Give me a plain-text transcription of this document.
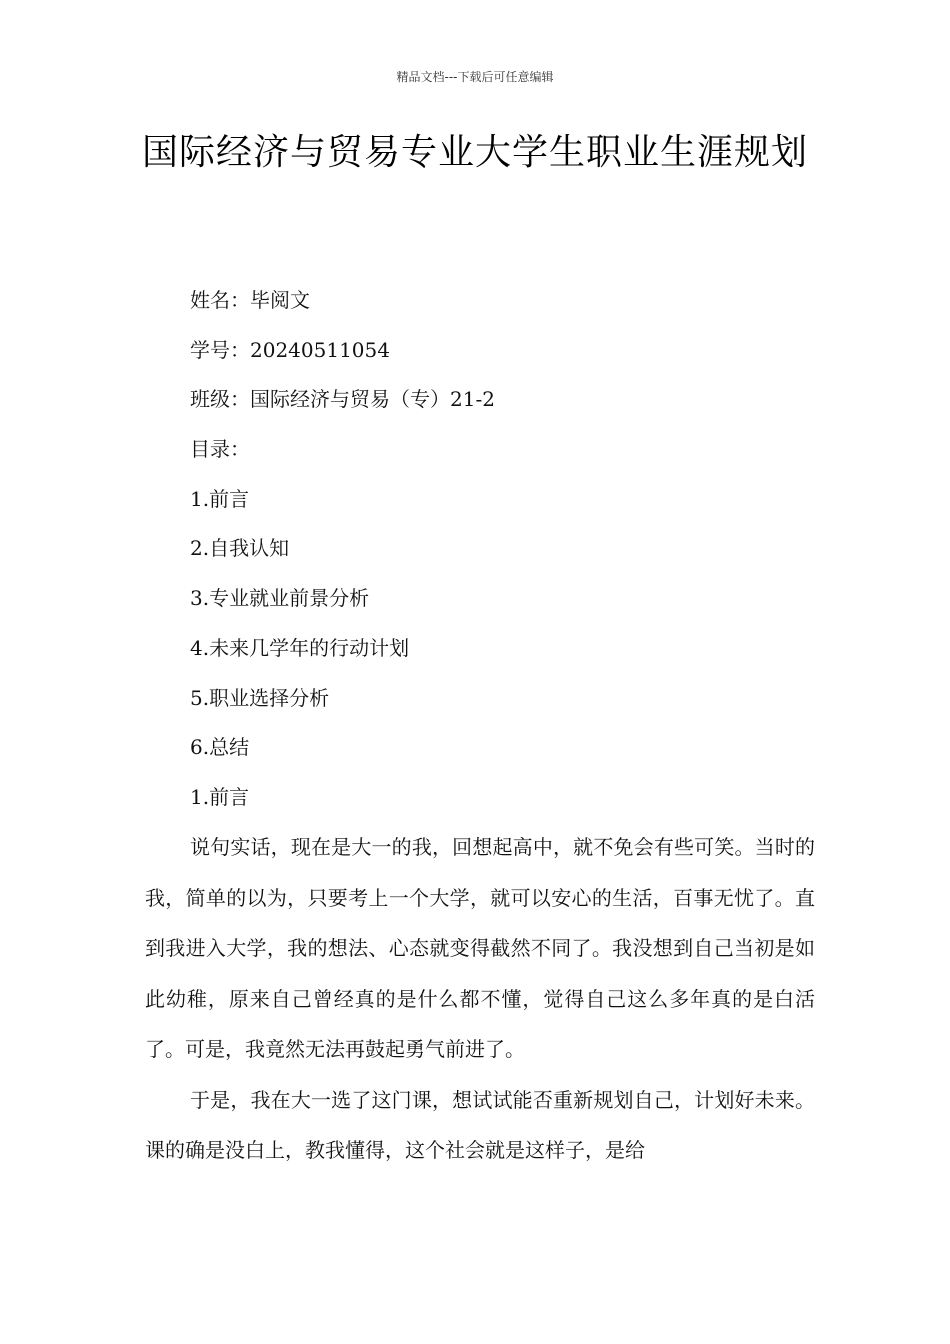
精品文档---下载后可任意编辑
国际经济与贸易专业大学生职业生涯规划
姓名：毕阅文
学号：20240511054
班级：国际经济与贸易（专）21-2
目录：
1.前言
2.自我认知
3.专业就业前景分析
4.未来几学年的行动计划
5.职业选择分析
6.总结
1.前言

说句实话，现在是大一的我，回想起高中，就不免会有些可笑。当时的我，简单的以为，只要考上一个大学，就可以安心的生活，百事无忧了。直到我进入大学，我的想法、心态就变得截然不同了。我没想到自己当初是如此幼稚，原来自己曾经真的是什么都不懂，觉得自己这么多年真的是白活了。可是，我竟然无法再鼓起勇气前进了。

于是，我在大一选了这门课，想试试能否重新规划自己，计划好未来。课的确是没白上，教我懂得，这个社会就是这样子，是给
